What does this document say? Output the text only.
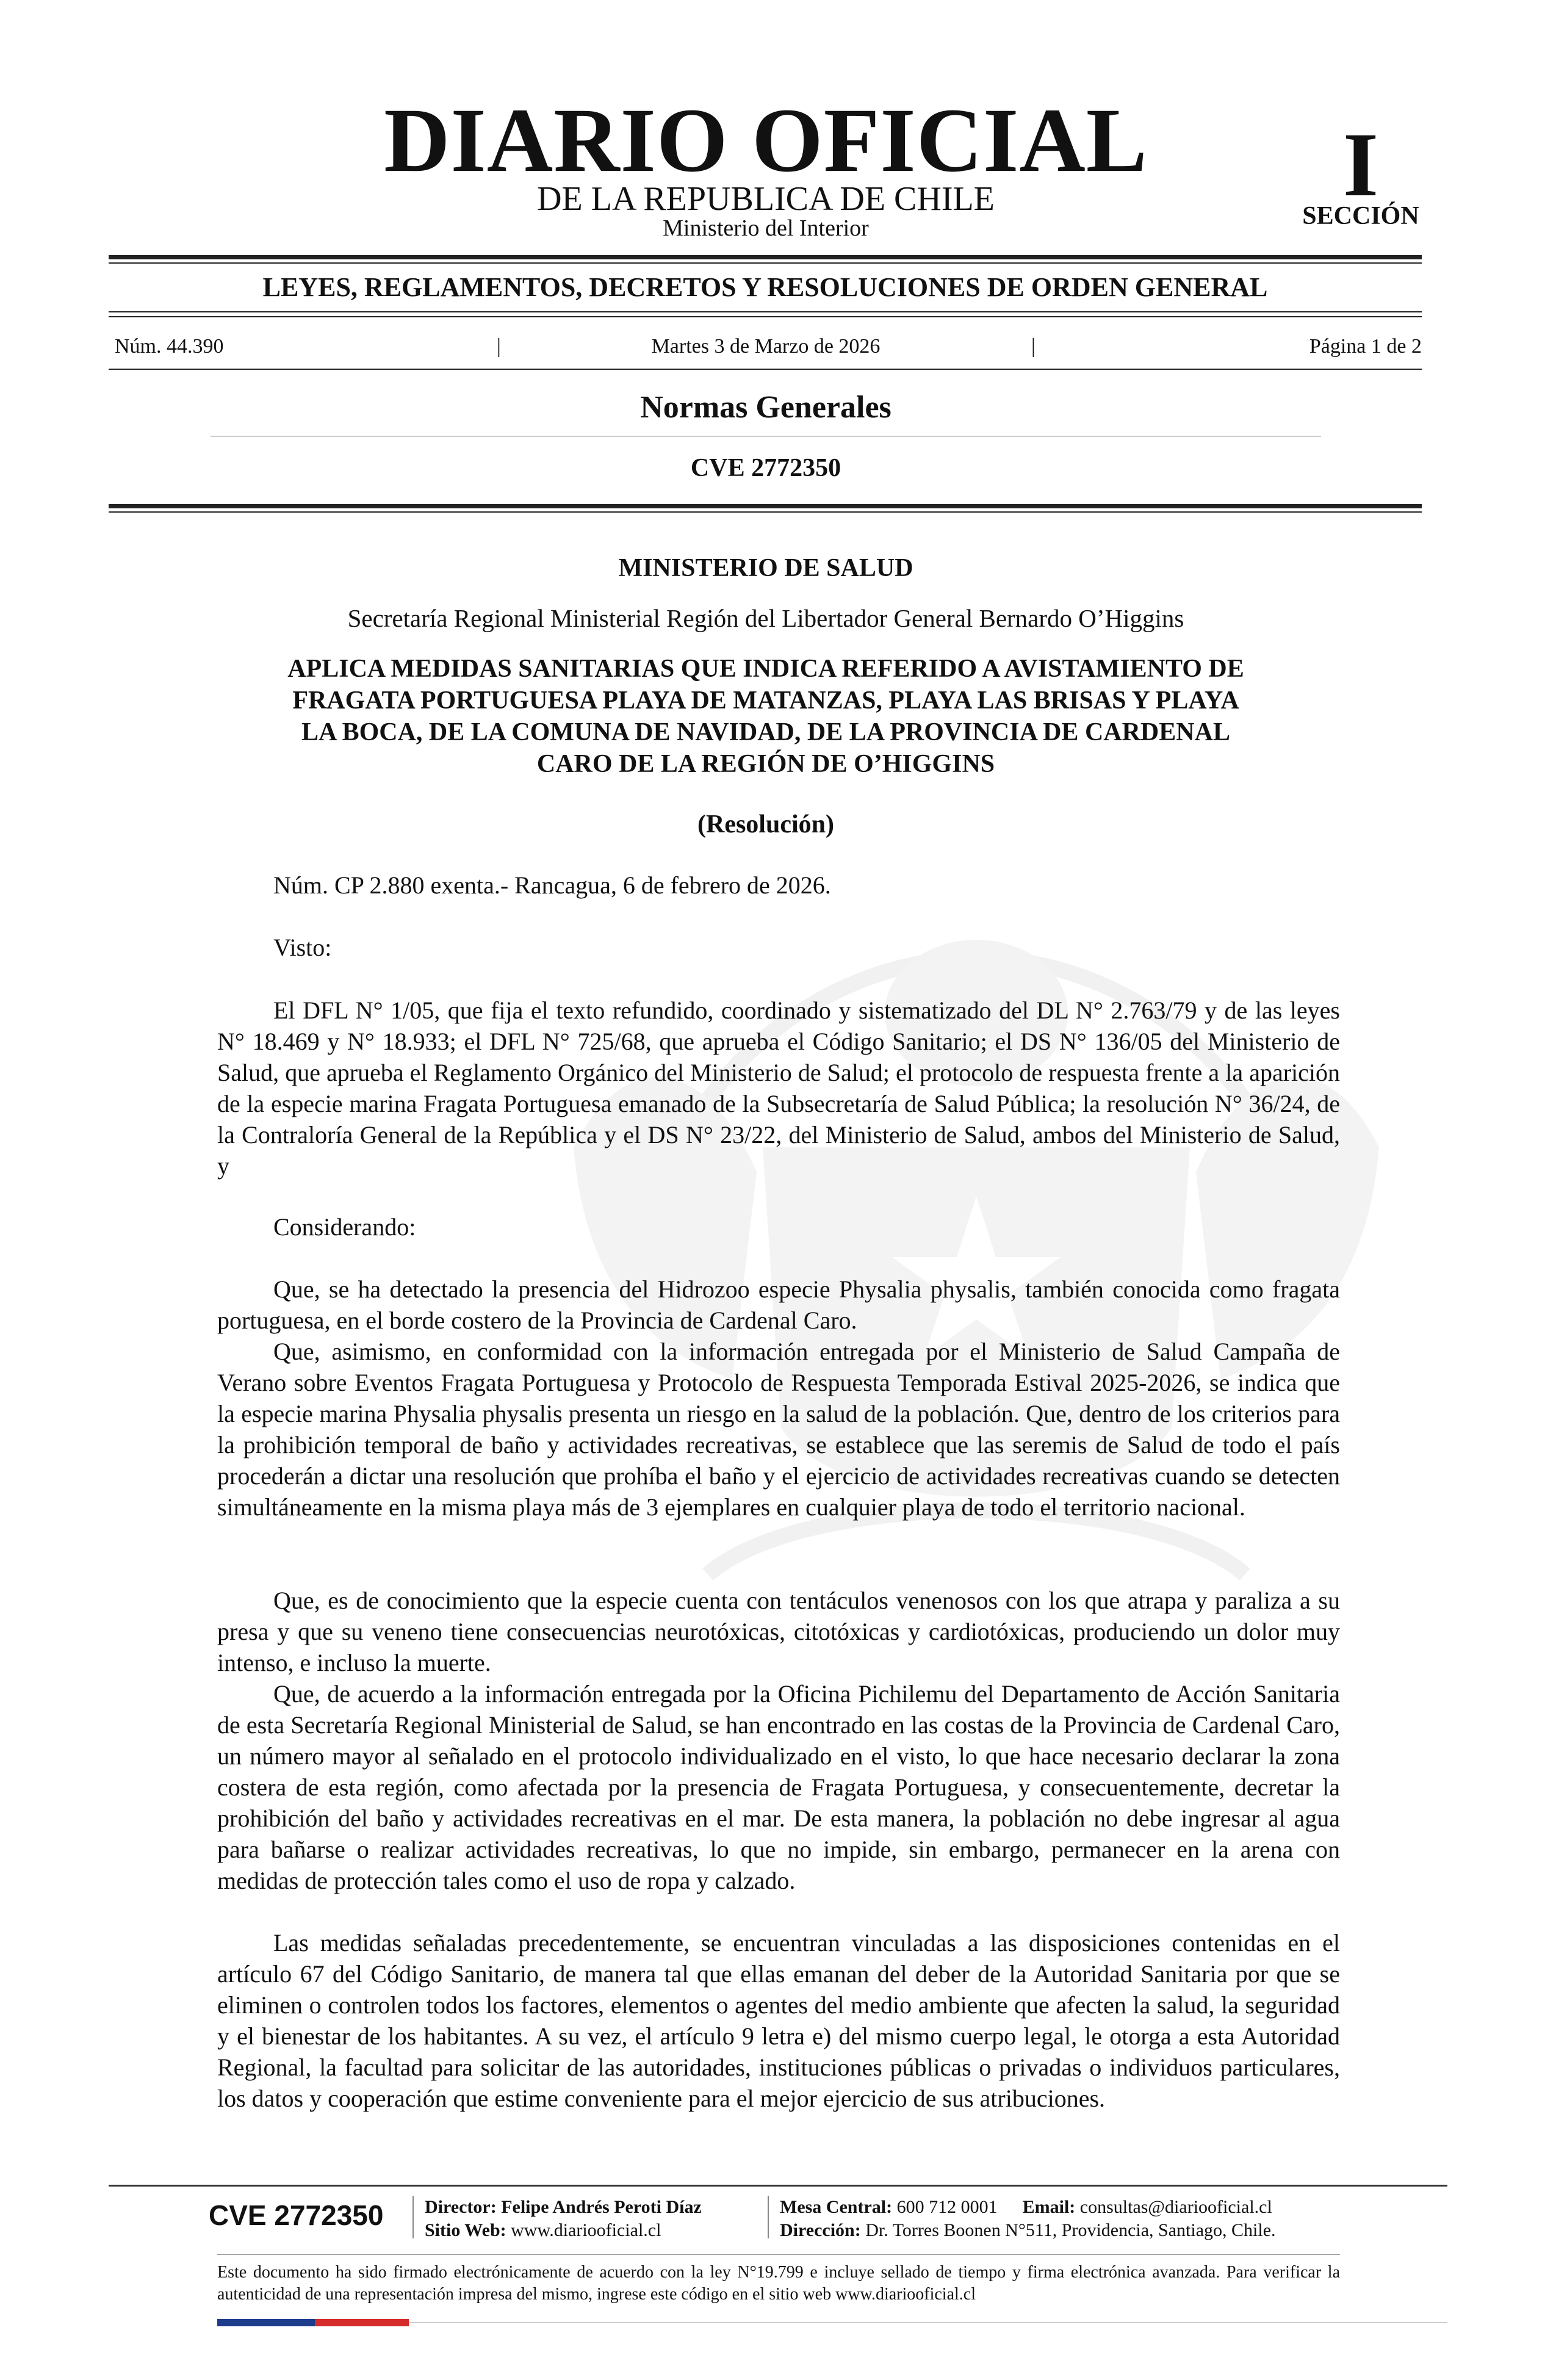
DIARIO OFICIAL
DE LA REPUBLICA DE CHILE
Ministerio del Interior
I
SECCIÓN
LEYES, REGLAMENTOS, DECRETOS Y RESOLUCIONES DE ORDEN GENERAL
Núm. 44.390	|	Martes 3 de Marzo de 2026	|	Página 1 de 2
Normas Generales
CVE 2772350
MINISTERIO DE SALUD
Secretaría Regional Ministerial Región del Libertador General Bernardo O’Higgins
APLICA MEDIDAS SANITARIAS QUE INDICA REFERIDO A AVISTAMIENTO DE
FRAGATA PORTUGUESA PLAYA DE MATANZAS, PLAYA LAS BRISAS Y PLAYA
LA BOCA, DE LA COMUNA DE NAVIDAD, DE LA PROVINCIA DE CARDENAL
CARO DE LA REGIÓN DE O’HIGGINS
(Resolución)
Núm. CP 2.880 exenta.- Rancagua, 6 de febrero de 2026.
Visto:
El DFL N° 1/05, que fija el texto refundido, coordinado y sistematizado del DL N° 2.763/79 y de las leyes N° 18.469 y N° 18.933; el DFL N° 725/68, que aprueba el Código Sanitario; el DS N° 136/05 del Ministerio de Salud, que aprueba el Reglamento Orgánico del Ministerio de Salud; el protocolo de respuesta frente a la aparición de la especie marina Fragata Portuguesa emanado de la Subsecretaría de Salud Pública; la resolución N° 36/24, de la Contraloría General de la República y el DS N° 23/22, del Ministerio de Salud, ambos del Ministerio de Salud, y
Considerando:
Que, se ha detectado la presencia del Hidrozoo especie Physalia physalis, también conocida como fragata portuguesa, en el borde costero de la Provincia de Cardenal Caro.
Que, asimismo, en conformidad con la información entregada por el Ministerio de Salud Campaña de Verano sobre Eventos Fragata Portuguesa y Protocolo de Respuesta Temporada Estival 2025-2026, se indica que la especie marina Physalia physalis presenta un riesgo en la salud de la población. Que, dentro de los criterios para la prohibición temporal de baño y actividades recreativas, se establece que las seremis de Salud de todo el país procederán a dictar una resolución que prohíba el baño y el ejercicio de actividades recreativas cuando se detecten simultáneamente en la misma playa más de 3 ejemplares en cualquier playa de todo el territorio nacional.
Que, es de conocimiento que la especie cuenta con tentáculos venenosos con los que atrapa y paraliza a su presa y que su veneno tiene consecuencias neurotóxicas, citotóxicas y cardiotóxicas, produciendo un dolor muy intenso, e incluso la muerte.
Que, de acuerdo a la información entregada por la Oficina Pichilemu del Departamento de Acción Sanitaria de esta Secretaría Regional Ministerial de Salud, se han encontrado en las costas de la Provincia de Cardenal Caro, un número mayor al señalado en el protocolo individualizado en el visto, lo que hace necesario declarar la zona costera de esta región, como afectada por la presencia de Fragata Portuguesa, y consecuentemente, decretar la prohibición del baño y actividades recreativas en el mar. De esta manera, la población no debe ingresar al agua para bañarse o realizar actividades recreativas, lo que no impide, sin embargo, permanecer en la arena con medidas de protección tales como el uso de ropa y calzado.
Las medidas señaladas precedentemente, se encuentran vinculadas a las disposiciones contenidas en el artículo 67 del Código Sanitario, de manera tal que ellas emanan del deber de la Autoridad Sanitaria por que se eliminen o controlen todos los factores, elementos o agentes del medio ambiente que afecten la salud, la seguridad y el bienestar de los habitantes. A su vez, el artículo 9 letra e) del mismo cuerpo legal, le otorga a esta Autoridad Regional, la facultad para solicitar de las autoridades, instituciones públicas o privadas o individuos particulares, los datos y cooperación que estime conveniente para el mejor ejercicio de sus atribuciones.
CVE 2772350 Director: Felipe Andrés Peroti Díaz
Sitio Web: www.diariooficial.cl
Mesa Central: 600 712 0001 Email: consultas@diariooficial.cl
Dirección: Dr. Torres Boonen N°511, Providencia, Santiago, Chile.
Este documento ha sido firmado electrónicamente de acuerdo con la ley N°19.799 e incluye sellado de tiempo y firma electrónica avanzada. Para verificar la autenticidad de una representación impresa del mismo, ingrese este código en el sitio web www.diariooficial.cl
